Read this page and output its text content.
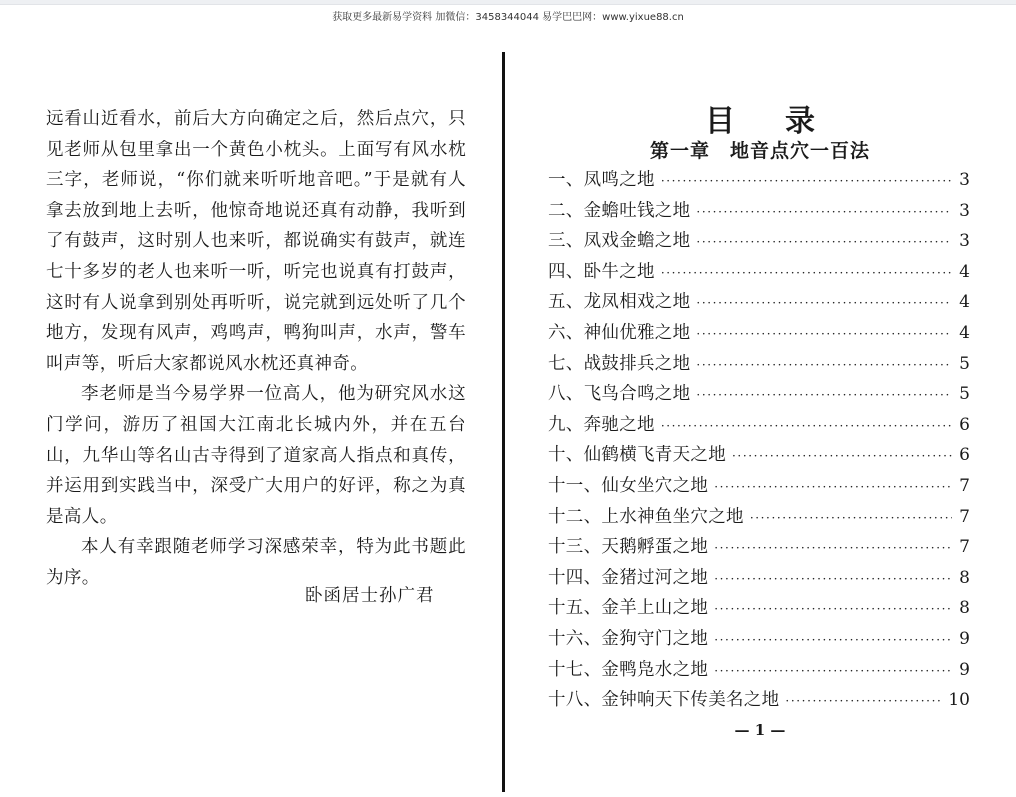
获取更多最新易学资料 加微信：3458344044 易学巴巴网：www.yixue88.cn

远看山近看水，前后大方向确定之后，然后点穴，只见老师从包里拿出一个黄色小枕头。上面写有风水枕三字，老师说，“你们就来听听地音吧。”于是就有人拿去放到地上去听，他惊奇地说还真有动静，我听到了有鼓声，这时别人也来听，都说确实有鼓声，就连七十多岁的老人也来听一听，听完也说真有打鼓声，这时有人说拿到别处再听听，说完就到远处听了几个地方，发现有风声，鸡鸣声，鸭狗叫声，水声，警车叫声等，听后大家都说风水枕还真神奇。

李老师是当今易学界一位高人，他为研究风水这门学问，游历了祖国大江南北长城内外，并在五台山，九华山等名山古寺得到了道家高人指点和真传，并运用到实践当中，深受广大用户的好评，称之为真是高人。

本人有幸跟随老师学习深感荣幸，特为此书题此为序。

卧函居士孙广君
目录
第一章 地音点穴一百法
一、凤鸣之地 ·····	3
二、金蟾吐钱之地 ·····	3
三、凤戏金蟾之地 ·····	3
四、卧牛之地 ·····	4
五、龙凤相戏之地 ·····	4
六、神仙优雅之地 ·····	4
七、战鼓排兵之地 ·····	5
八、飞鸟合鸣之地 ·····	5
九、奔驰之地 ·····	6
十、仙鹤横飞青天之地 ·····	6
十一、仙女坐穴之地 ·····	7
十二、上水神鱼坐穴之地 ·····	7
十三、天鹅孵蛋之地 ·····	7
十四、金猪过河之地 ·····	8
十五、金羊上山之地 ·····	8
十六、金狗守门之地 ·····	9
十七、金鸭凫水之地 ·····	9
十八、金钟响天下传美名之地 ·····	10
— 1 —
